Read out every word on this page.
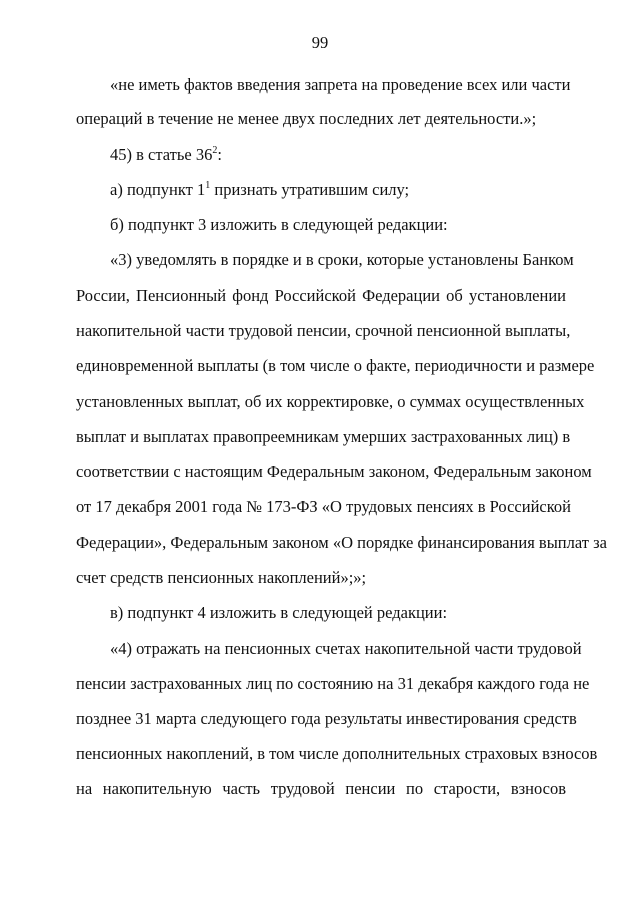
99
«не иметь фактов введения запрета на проведение всех или части
операций в течение не менее двух последних лет деятельности.»;
45) в статье $36^2$:
а) подпункт $1^1$ признать утратившим силу;
б) подпункт 3 изложить в следующей редакции:
«3) уведомлять в порядке и в сроки, которые установлены Банком
России, Пенсионный фонд Российской Федерации об установлении
накопительной части трудовой пенсии, срочной пенсионной выплаты,
единовременной выплаты (в том числе о факте, периодичности и размере
установленных выплат, об их корректировке, о суммах осуществленных
выплат и выплатах правопреемникам умерших застрахованных лиц) в
соответствии с настоящим Федеральным законом, Федеральным законом
от 17 декабря 2001 года № 173-ФЗ «О трудовых пенсиях в Российской
Федерации», Федеральным законом «О порядке финансирования выплат за
счет средств пенсионных накоплений»;»;
в) подпункт 4 изложить в следующей редакции:
«4) отражать на пенсионных счетах накопительной части трудовой
пенсии застрахованных лиц по состоянию на 31 декабря каждого года не
позднее 31 марта следующего года результаты инвестирования средств
пенсионных накоплений, в том числе дополнительных страховых взносов
на накопительную часть трудовой пенсии по старости, взносов
